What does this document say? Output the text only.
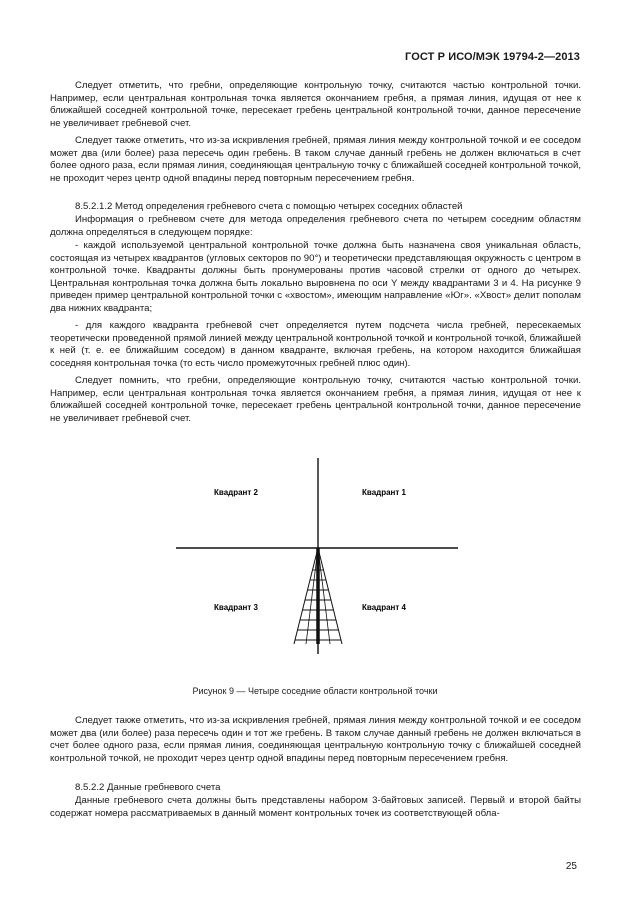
ГОСТ Р ИСО/МЭК 19794-2—2013

Следует отметить, что гребни, определяющие контрольную точку, считаются частью контрольной точки. Например, если центральная контрольная точка является окончанием гребня, а прямая линия, идущая от нее к ближайшей соседней контрольной точке, пересекает гребень центральной контрольной точки, данное пересечение не увеличивает гребневой счет.

Следует также отметить, что из-за искривления гребней, прямая линия между контрольной точкой и ее соседом может два (или более) раза пересечь один гребень. В таком случае данный гребень не должен включаться в счет более одного раза, если прямая линия, соединяющая центральную точку с ближайшей соседней контрольной точкой, не проходит через центр одной впадины перед повторным пересечением гребня.

8.5.2.1.2 Метод определения гребневого счета с помощью четырех соседних областей

Информация о гребневом счете для метода определения гребневого счета по четырем соседним областям должна определяться в следующем порядке:

- каждой используемой центральной контрольной точке должна быть назначена своя уникальная область, состоящая из четырех квадрантов (угловых секторов по 90°) и теоретически представляющая окружность с центром в контрольной точке. Квадранты должны быть пронумерованы против часовой стрелки от одного до четырех. Центральная контрольная точка должна быть локально выровнена по оси Y между квадрантами 3 и 4. На рисунке 9 приведен пример центральной контрольной точки с «хвостом», имеющим направление «Юг». «Хвост» делит пополам два нижних квадранта;

- для каждого квадранта гребневой счет определяется путем подсчета числа гребней, пересекаемых теоретически проведенной прямой линией между центральной контрольной точкой и контрольной точкой, ближайшей к ней (т. е. ее ближайшим соседом) в данном квадранте, включая гребень, на котором находится ближайшая соседняя контрольная точка (то есть число промежуточных гребней плюс один).

Следует помнить, что гребни, определяющие контрольную точку, считаются частью контрольной точки. Например, если центральная контрольная точка является окончанием гребня, а прямая линия, идущая от нее к ближайшей соседней контрольной точке, пересекает гребень центральной контрольной точки, данное пересечение не увеличивает гребневой счет.

Квадрант 2	Квадрант 1
Квадрант 3	Квадрант 4
Рисунок 9 — Четыре соседние области контрольной точки

Следует также отметить, что из-за искривления гребней, прямая линия между контрольной точкой и ее соседом может два (или более) раза пересечь один и тот же гребень. В таком случае данный гребень не должен включаться в счет более одного раза, если прямая линия, соединяющая центральную контрольную точку с ближайшей соседней контрольной точкой, не проходит через центр одной впадины перед повторным пересечением гребня.

8.5.2.2 Данные гребневого счета

Данные гребневого счета должны быть представлены набором 3-байтовых записей. Первый и второй байты содержат номера рассматриваемых в данный момент контрольных точек из соответствующей обла-

25
